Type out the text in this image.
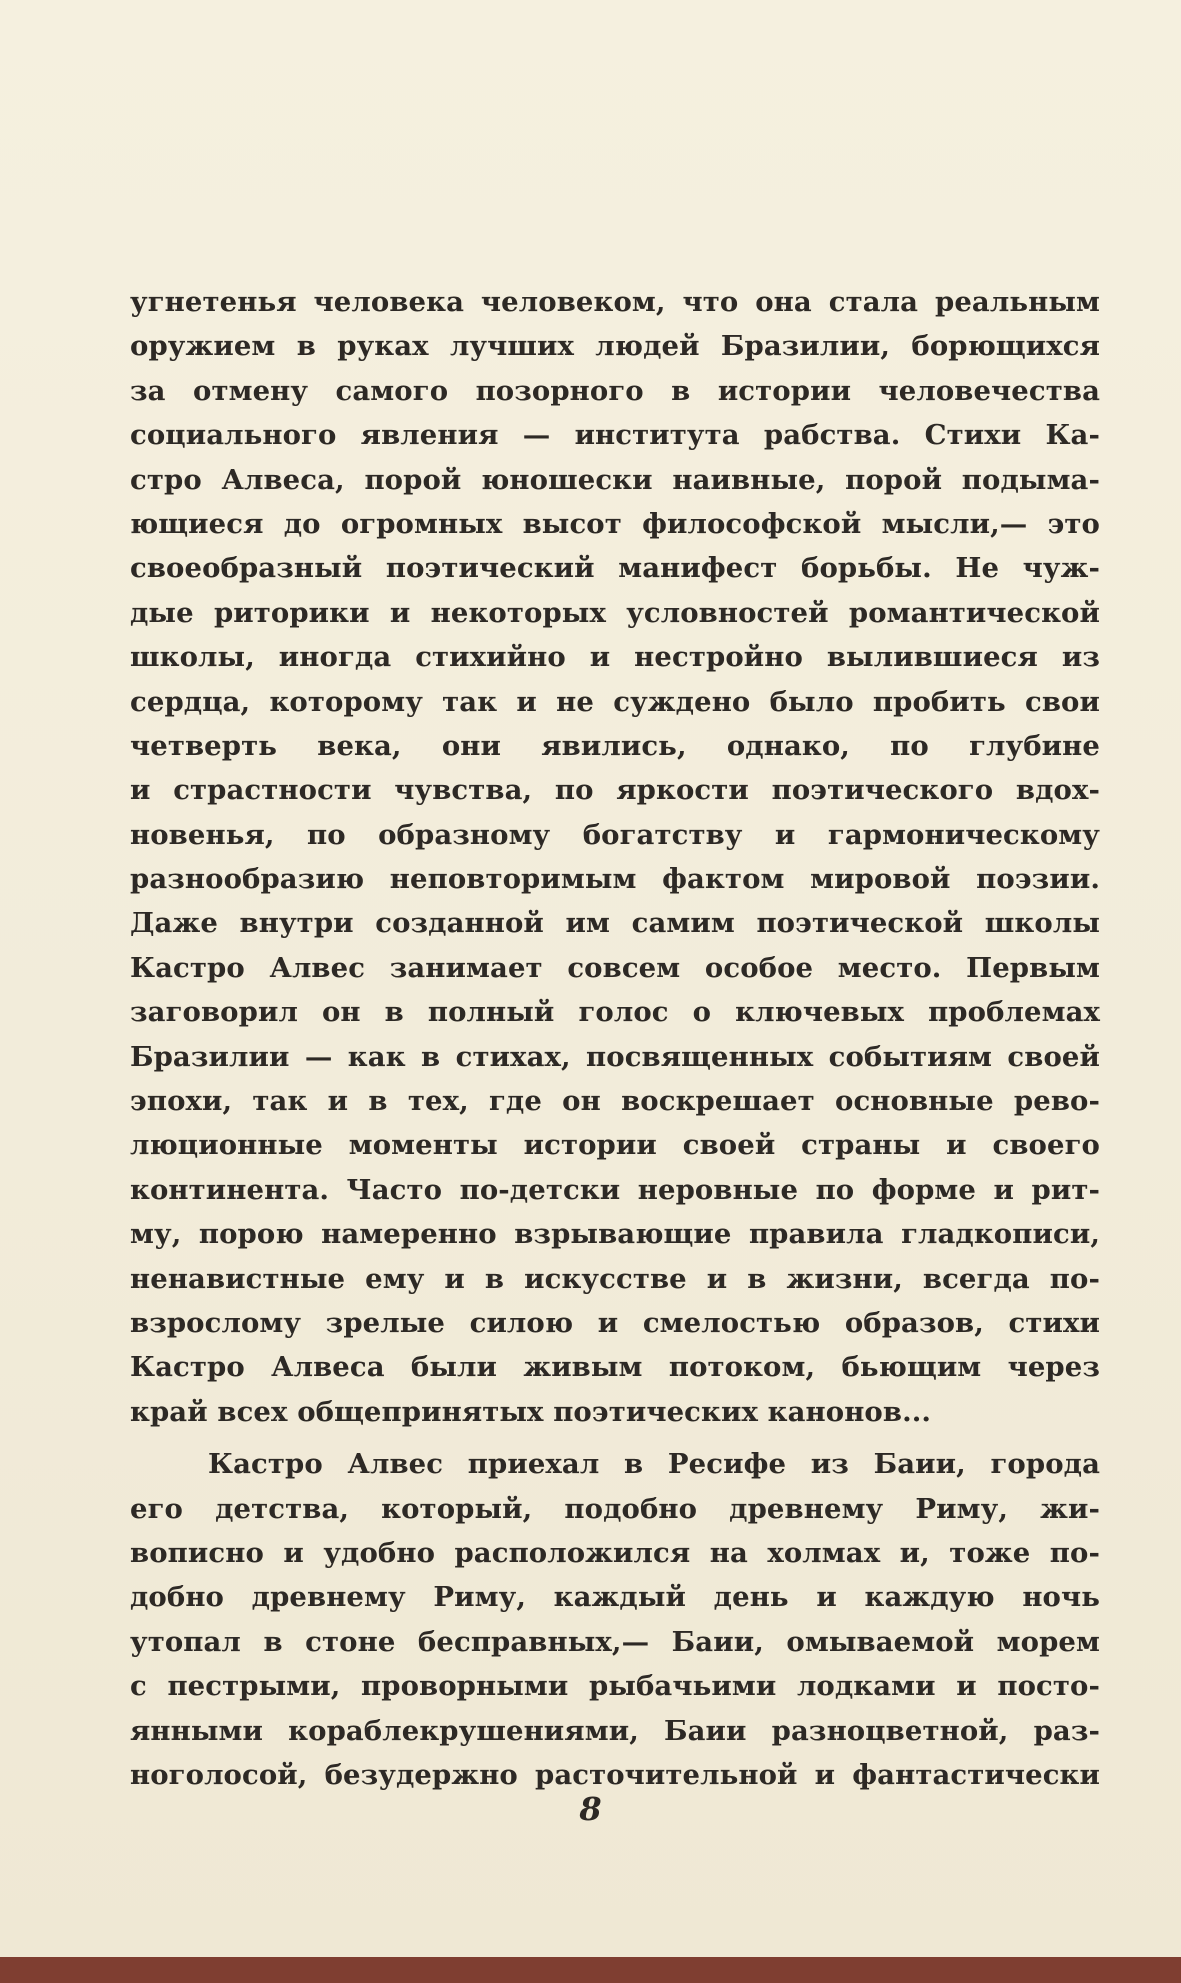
угнетенья человека человеком, что она стала реальным
оружием в руках лучших людей Бразилии, борющихся
за отмену самого позорного в истории человечества
социального явления — института рабства. Стихи Ка-
стро Алвеса, порой юношески наивные, порой подыма-
ющиеся до огромных высот философской мысли,— это
своеобразный поэтический манифест борьбы. Не чуж-
дые риторики и некоторых условностей романтической
школы, иногда стихийно и нестройно вылившиеся из
сердца, которому так и не суждено было пробить свои
четверть века, они явились, однако, по глубине
и страстности чувства, по яркости поэтического вдох-
новенья, по образному богатству и гармоническому
разнообразию неповторимым фактом мировой поэзии.
Даже внутри созданной им самим поэтической школы
Кастро Алвес занимает совсем особое место. Первым
заговорил он в полный голос о ключевых проблемах
Бразилии — как в стихах, посвященных событиям своей
эпохи, так и в тех, где он воскрешает основные рево-
люционные моменты истории своей страны и своего
континента. Часто по-детски неровные по форме и рит-
му, порою намеренно взрывающие правила гладкописи,
ненавистные ему и в искусстве и в жизни, всегда по-
взрослому зрелые силою и смелостью образов, стихи
Кастро Алвеса были живым потоком, бьющим через
край всех общепринятых поэтических канонов...
Кастро Алвес приехал в Ресифе из Баии, города
его детства, который, подобно древнему Риму, жи-
вописно и удобно расположился на холмах и, тоже по-
добно древнему Риму, каждый день и каждую ночь
утопал в стоне бесправных,— Баии, омываемой морем
с пестрыми, проворными рыбачьими лодками и посто-
янными кораблекрушениями, Баии разноцветной, раз-
ноголосой, безудержно расточительной и фантастически
8
